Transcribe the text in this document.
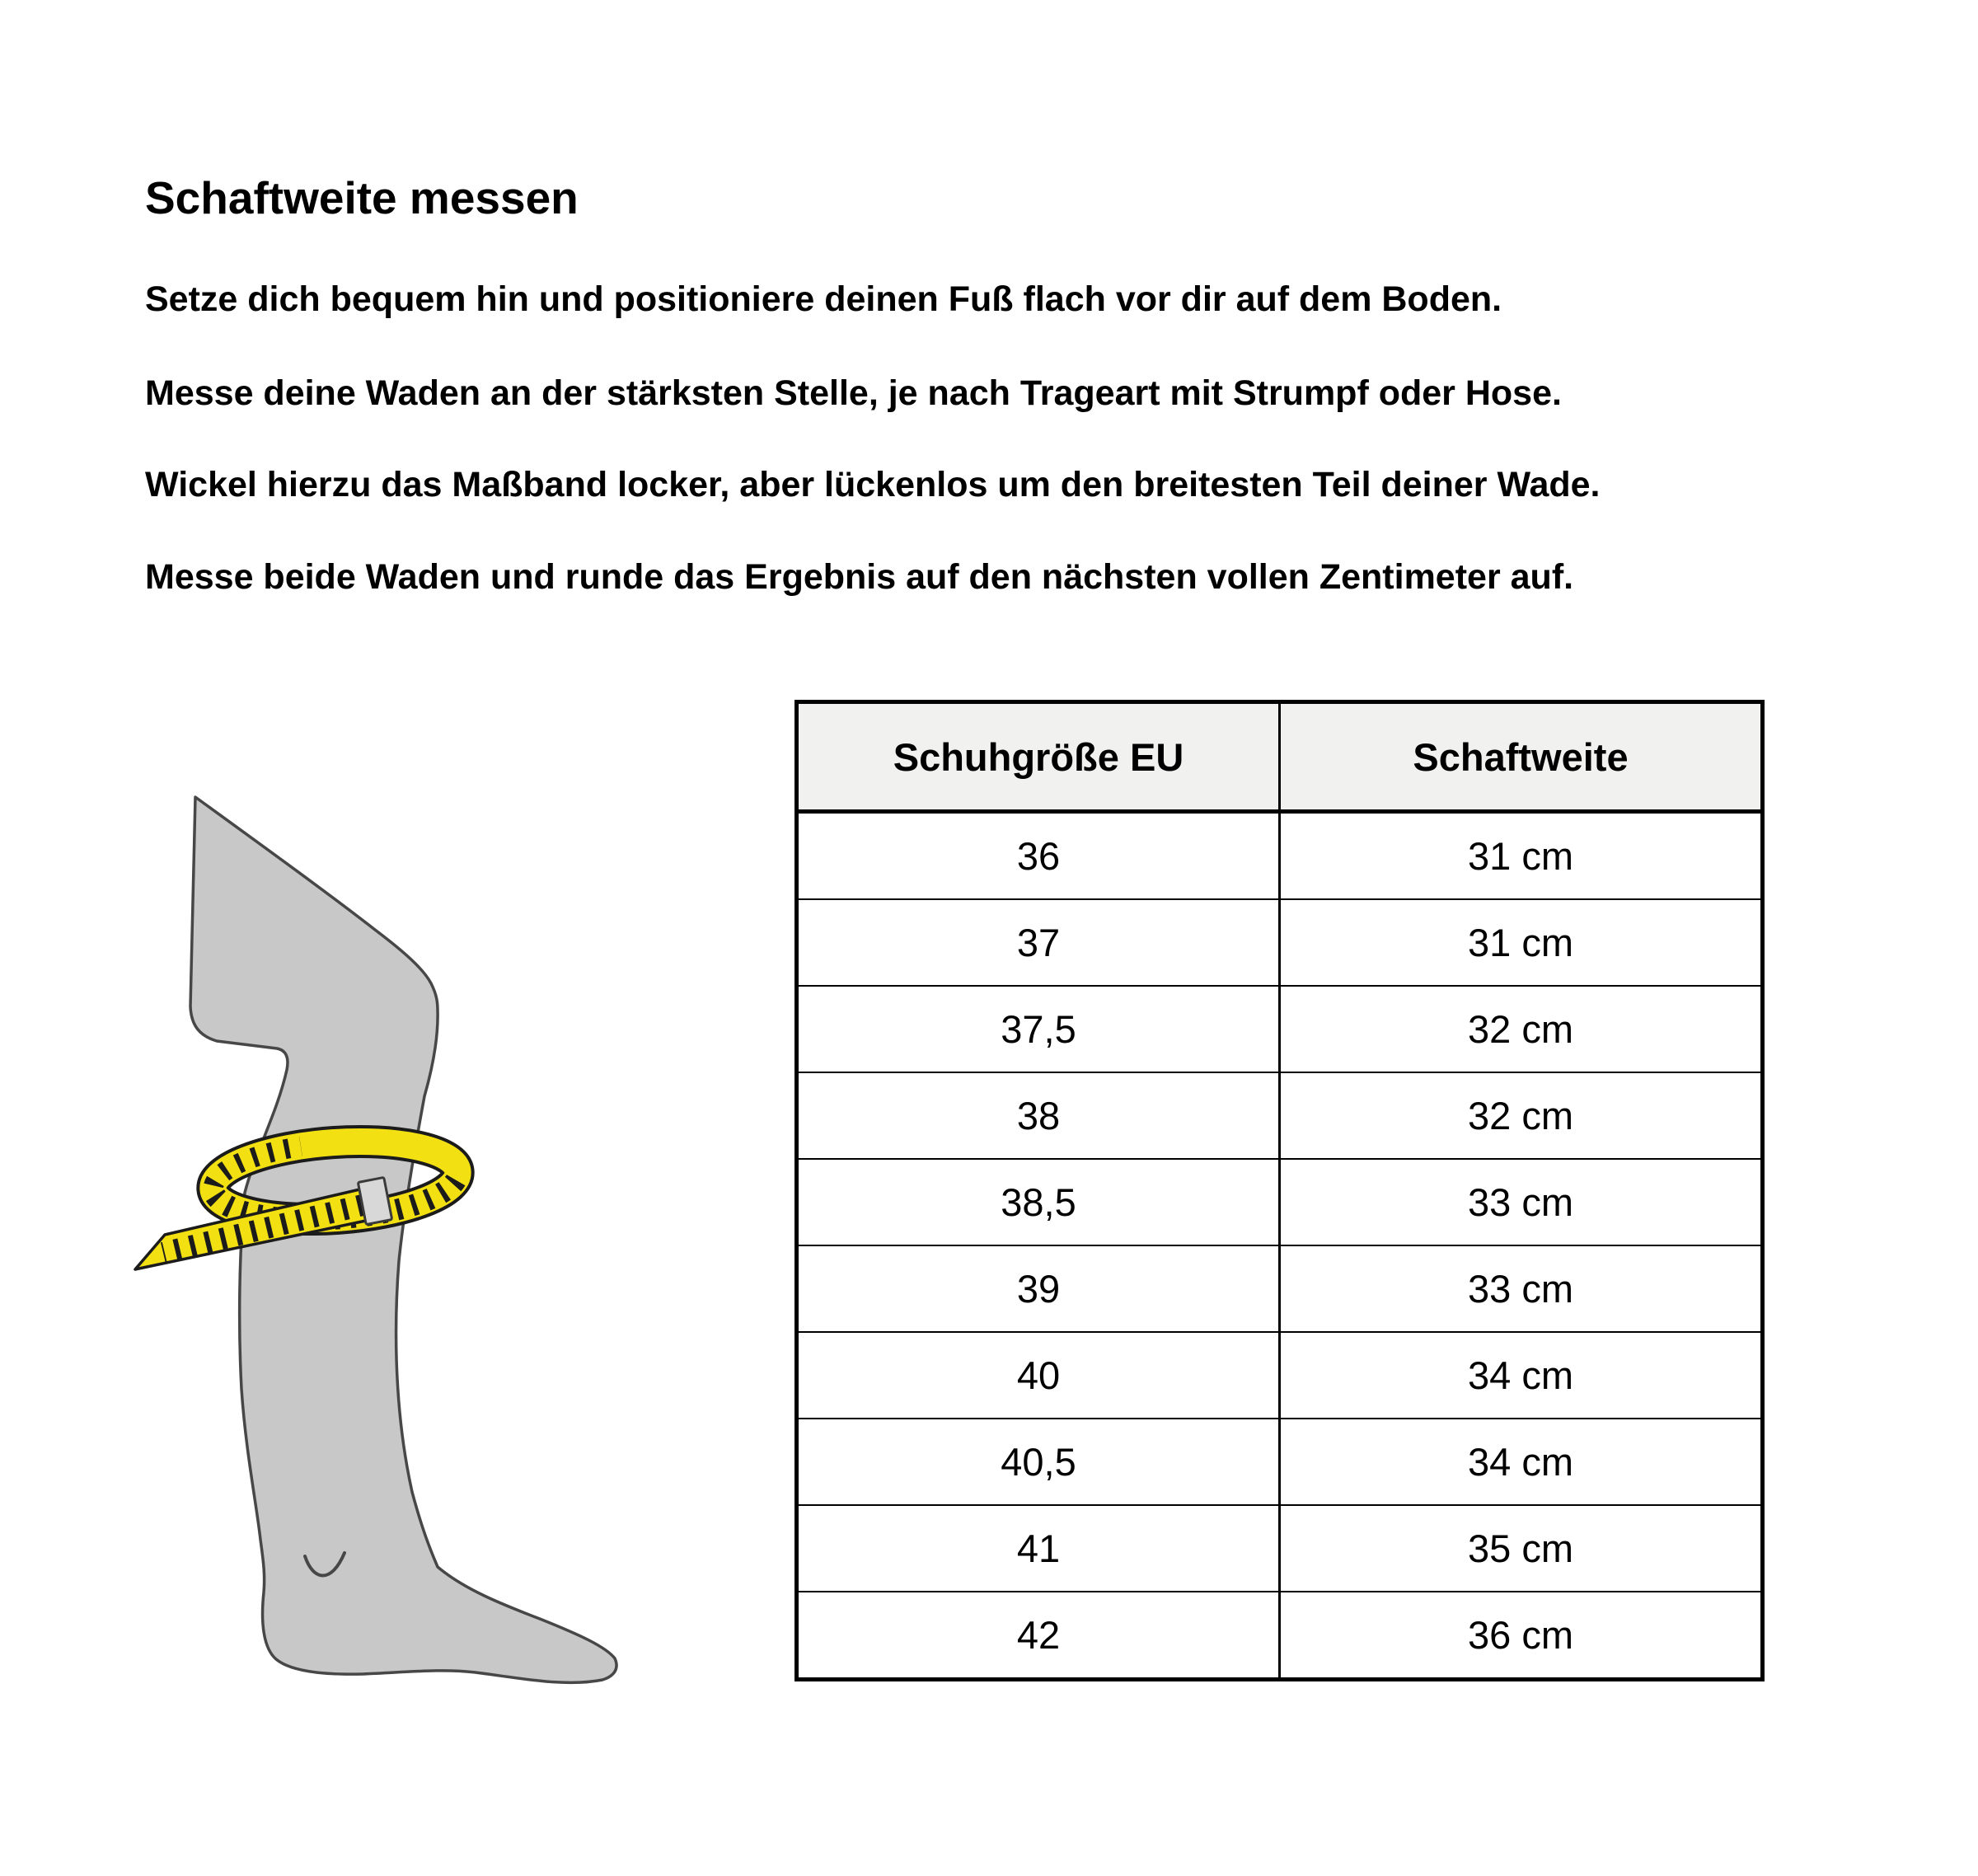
Schaftweite messen

Setze dich bequem hin und positioniere deinen Fuß flach vor dir auf dem Boden.

Messe deine Waden an der stärksten Stelle, je nach Trageart mit Strumpf oder Hose.

Wickel hierzu das Maßband locker, aber lückenlos um den breitesten Teil deiner Wade.

Messe beide Waden und runde das Ergebnis auf den nächsten vollen Zentimeter auf.

Schuhgröße EU	Schaftweite
36	31 cm
37	31 cm
37,5	32 cm
38	32 cm
38,5	33 cm
39	33 cm
40	34 cm
40,5	34 cm
41	35 cm
42	36 cm
